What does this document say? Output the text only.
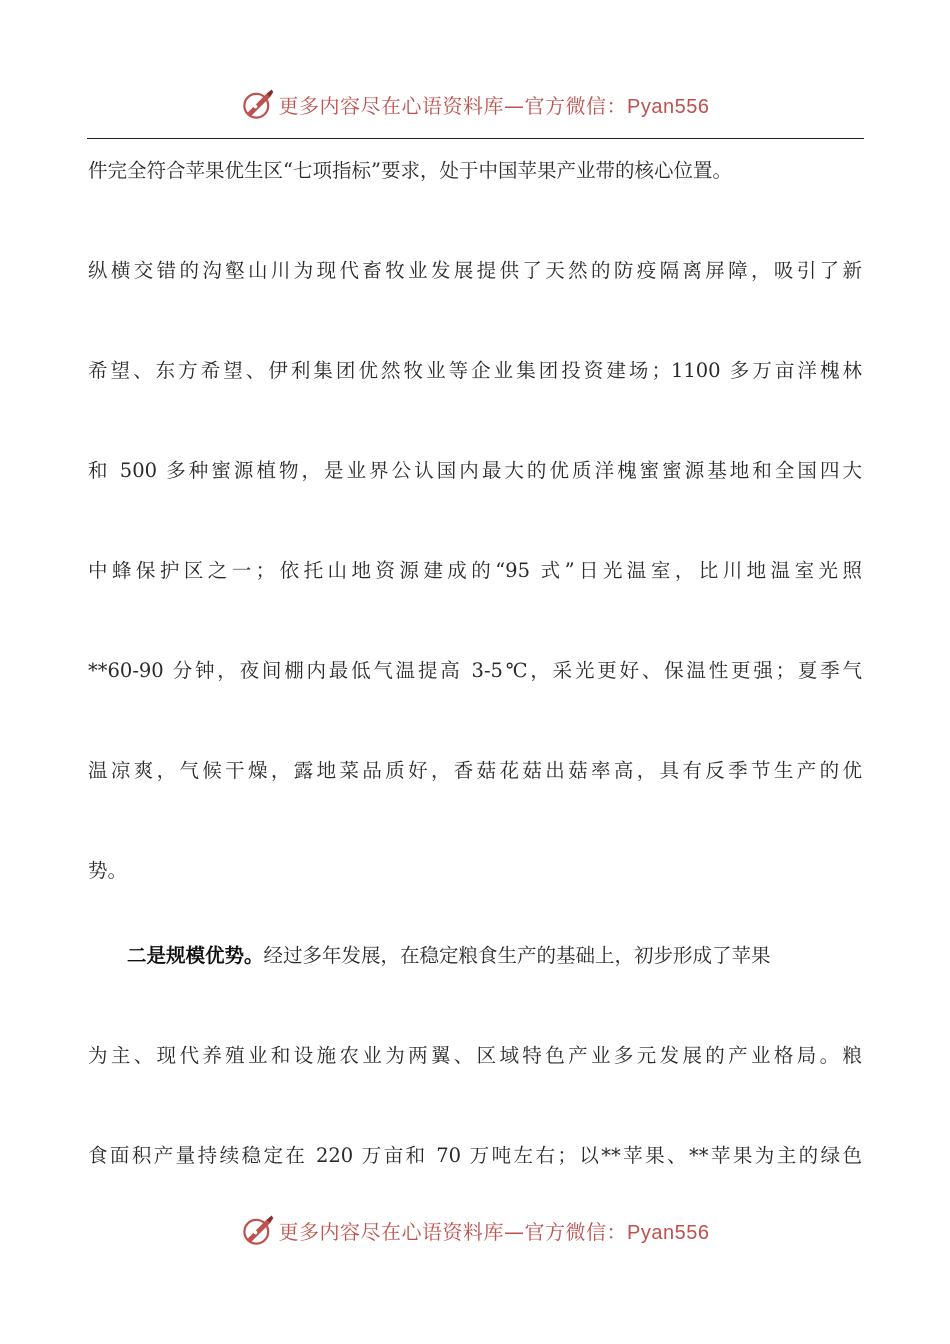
更多内容尽在心语资料库—官方微信：Pyan556
件完全符合苹果优生区“七项指标”要求，处于中国苹果产业带的核心位置。
纵横交错的沟壑山川为现代畜牧业发展提供了天然的防疫隔离屏障，吸引了新
希望、东方希望、伊利集团优然牧业等企业集团投资建场；1100 多万亩洋槐林
和 500 多种蜜源植物，是业界公认国内最大的优质洋槐蜜蜜源基地和全国四大
中蜂保护区之一；依托山地资源建成的“95 式”日光温室，比川地温室光照
**60-90 分钟，夜间棚内最低气温提高 3-5℃，采光更好、保温性更强；夏季气
温凉爽，气候干燥，露地菜品质好，香菇花菇出菇率高，具有反季节生产的优
势。
二是规模优势。经过多年发展，在稳定粮食生产的基础上，初步形成了苹果
为主、现代养殖业和设施农业为两翼、区域特色产业多元发展的产业格局。粮
食面积产量持续稳定在 220 万亩和 70 万吨左右；以**苹果、**苹果为主的绿色
更多内容尽在心语资料库—官方微信：Pyan556
